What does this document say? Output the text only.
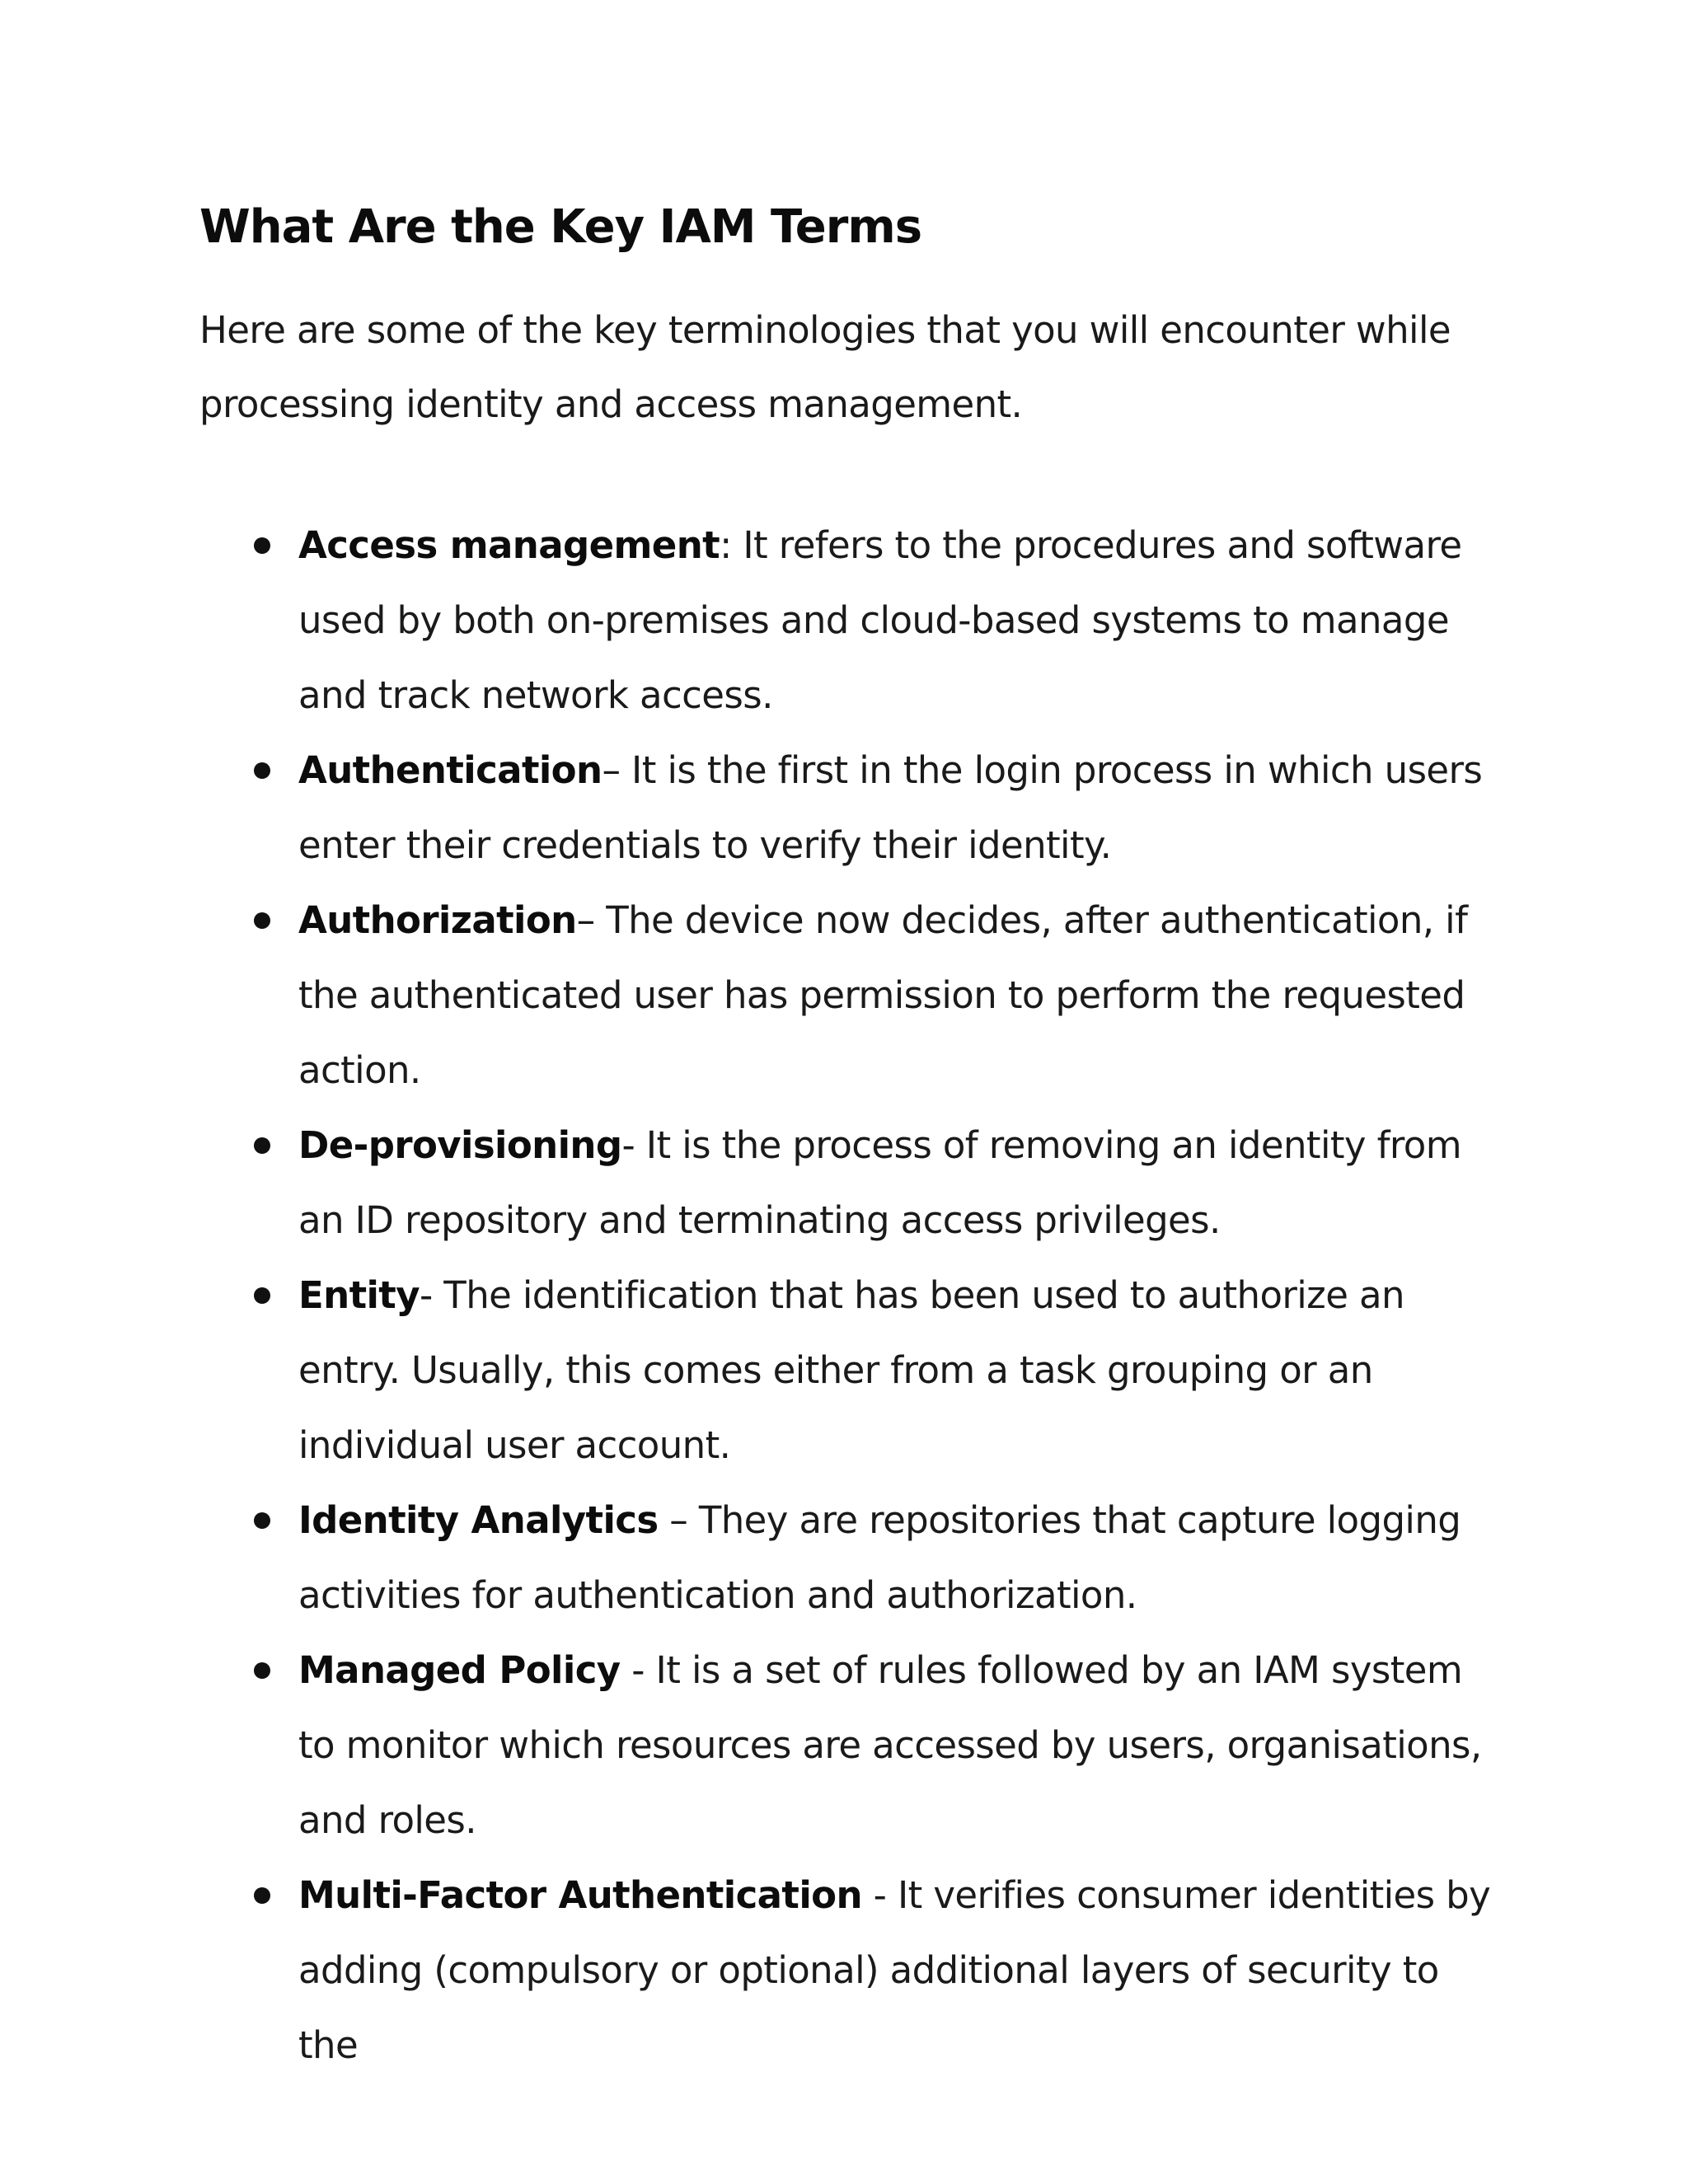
What Are the Key IAM Terms

Here are some of the key terminologies that you will encounter while processing identity and access management.

Access management: It refers to the procedures and software used by both on-premises and cloud-based systems to manage and track network access.
Authentication– It is the first in the login process in which users enter their credentials to verify their identity.
Authorization– The device now decides, after authentication, if the authenticated user has permission to perform the requested action.
De-provisioning- It is the process of removing an identity from an ID repository and terminating access privileges.
Entity- The identification that has been used to authorize an entry. Usually, this comes either from a task grouping or an individual user account.
Identity Analytics – They are repositories that capture logging activities for authentication and authorization.
Managed Policy - It is a set of rules followed by an IAM system to monitor which resources are accessed by users, organisations, and roles.
Multi-Factor Authentication - It verifies consumer identities by adding (compulsory or optional) additional layers of security to the
